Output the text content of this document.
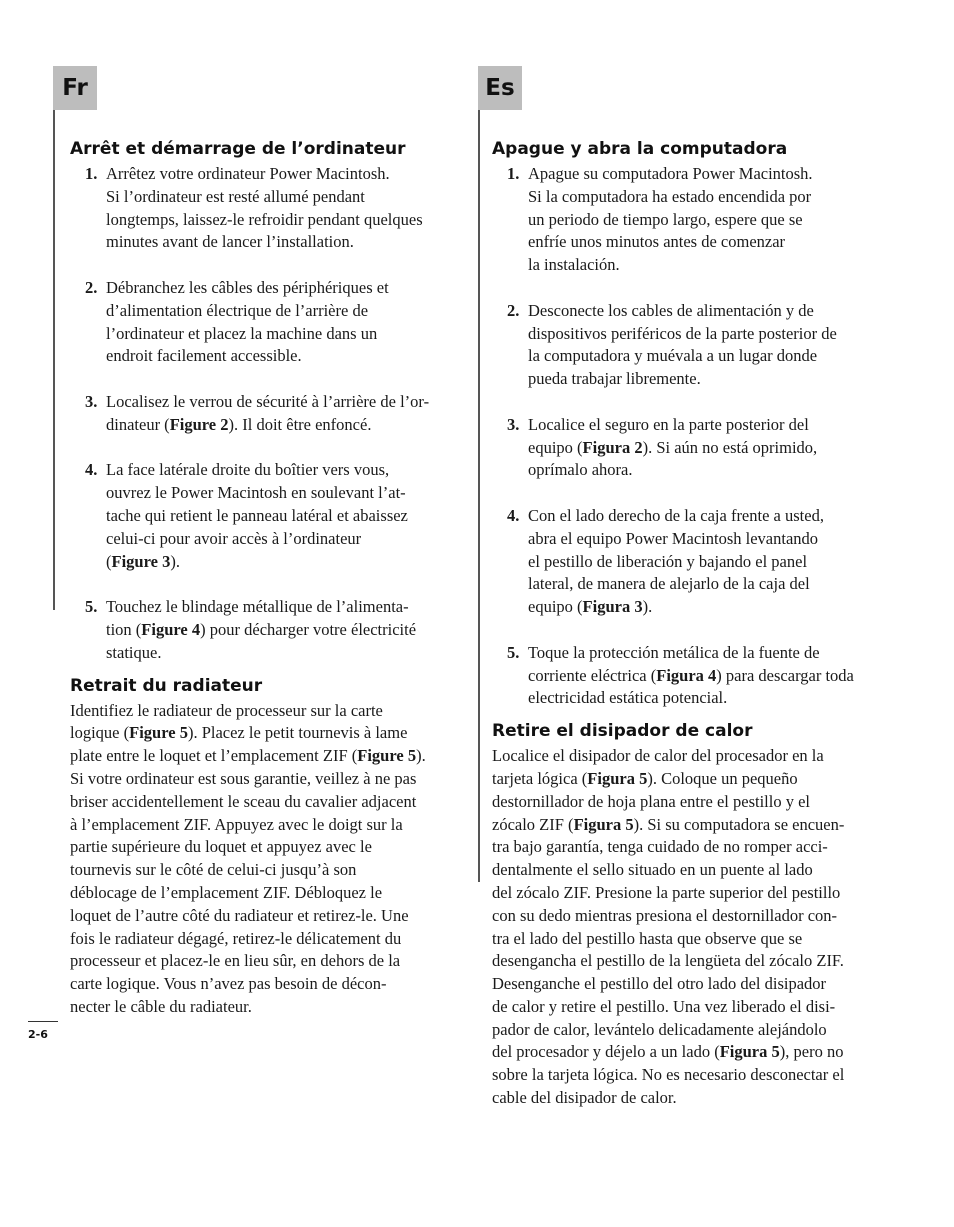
Fr	Es
Arrêt et démarrage de l’ordinateur
1. Arrêtez votre ordinateur Power Macintosh.
Si l’ordinateur est resté allumé pendant
longtemps, laissez-le refroidir pendant quelques
minutes avant de lancer l’installation.
2. Débranchez les câbles des périphériques et
d’alimentation électrique de l’arrière de
l’ordinateur et placez la machine dans un
endroit facilement accessible.
3. Localisez le verrou de sécurité à l’arrière de l’or-
dinateur (Figure 2). Il doit être enfoncé.
4. La face latérale droite du boîtier vers vous,
ouvrez le Power Macintosh en soulevant l’at-
tache qui retient le panneau latéral et abaissez
celui-ci pour avoir accès à l’ordinateur
(Figure 3).
5. Touchez le blindage métallique de l’alimenta-
tion (Figure 4) pour décharger votre électricité
statique.
Retrait du radiateur

Identifiez le radiateur de processeur sur la carte
logique (Figure 5). Placez le petit tournevis à lame
plate entre le loquet et l’emplacement ZIF (Figure 5).
Si votre ordinateur est sous garantie, veillez à ne pas
briser accidentellement le sceau du cavalier adjacent
à l’emplacement ZIF. Appuyez avec le doigt sur la
partie supérieure du loquet et appuyez avec le
tournevis sur le côté de celui-ci jusqu’à son
déblocage de l’emplacement ZIF. Débloquez le
loquet de l’autre côté du radiateur et retirez-le. Une
fois le radiateur dégagé, retirez-le délicatement du
processeur et placez-le en lieu sûr, en dehors de la
carte logique. Vous n’avez pas besoin de décon-
necter le câble du radiateur.

Apague y abra la computadora
1. Apague su computadora Power Macintosh.
Si la computadora ha estado encendida por
un periodo de tiempo largo, espere que se
enfríe unos minutos antes de comenzar
la instalación.
2. Desconecte los cables de alimentación y de
dispositivos periféricos de la parte posterior de
la computadora y muévala a un lugar donde
pueda trabajar libremente.
3. Localice el seguro en la parte posterior del
equipo (Figura 2). Si aún no está oprimido,
oprímalo ahora.
4. Con el lado derecho de la caja frente a usted,
abra el equipo Power Macintosh levantando
el pestillo de liberación y bajando el panel
lateral, de manera de alejarlo de la caja del
equipo (Figura 3).
5. Toque la protección metálica de la fuente de
corriente eléctrica (Figura 4) para descargar toda
electricidad estática potencial.
Retire el disipador de calor

Localice el disipador de calor del procesador en la
tarjeta lógica (Figura 5). Coloque un pequeño
destornillador de hoja plana entre el pestillo y el
zócalo ZIF (Figura 5). Si su computadora se encuen-
tra bajo garantía, tenga cuidado de no romper acci-
dentalmente el sello situado en un puente al lado
del zócalo ZIF. Presione la parte superior del pestillo
con su dedo mientras presiona el destornillador con-
tra el lado del pestillo hasta que observe que se
desengancha el pestillo de la lengüeta del zócalo ZIF.
Desenganche el pestillo del otro lado del disipador
de calor y retire el pestillo. Una vez liberado el disi-
pador de calor, levántelo delicadamente alejándolo
del procesador y déjelo a un lado (Figura 5), pero no
sobre la tarjeta lógica. No es necesario desconectar el
cable del disipador de calor.

2-6
